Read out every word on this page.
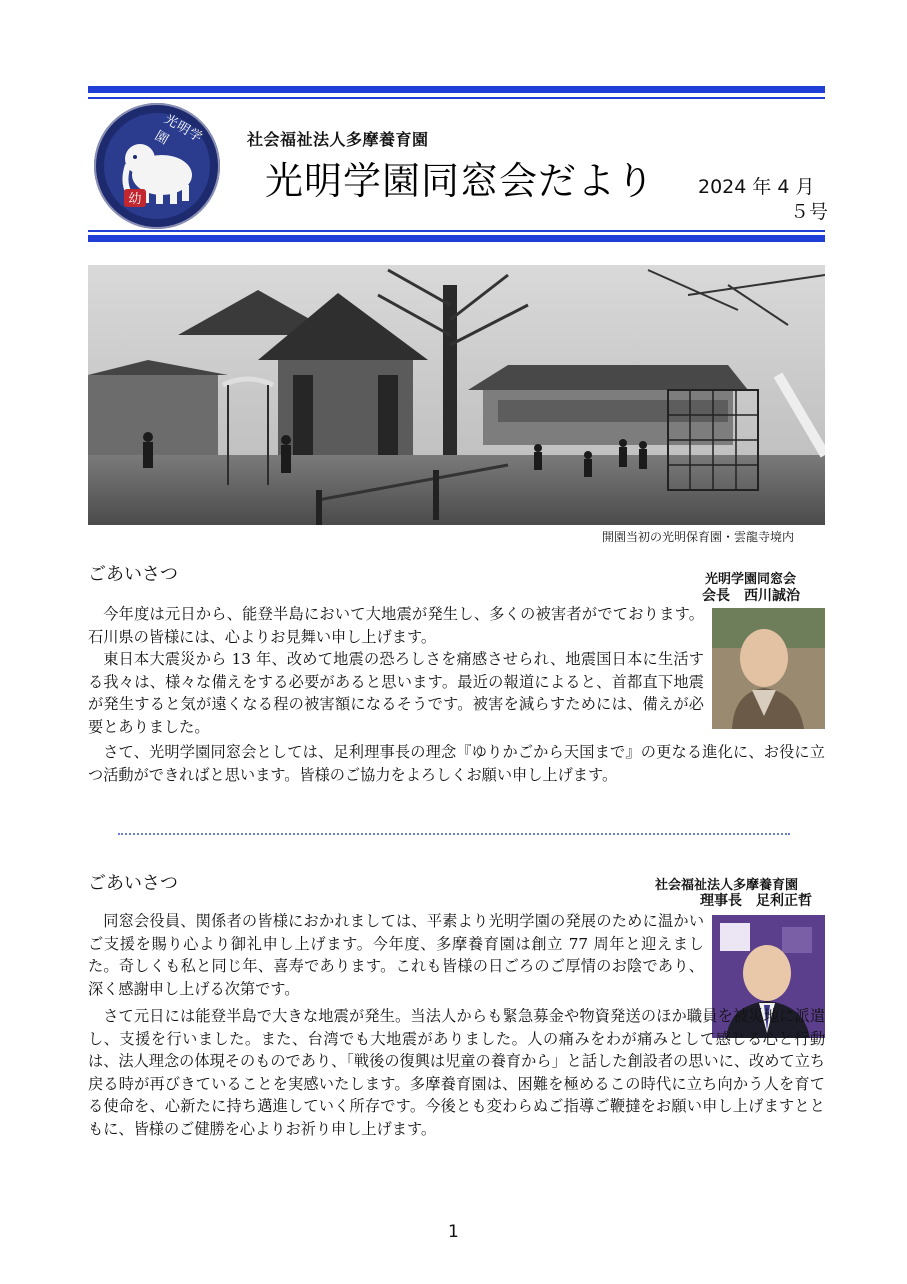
幼
光明学園	社会福祉法人多摩養育園
光明学園同窓会だより 2024 年 4 月
５号
開園当初の光明保育園・雲龍寺境内
ごあいさつ	光明学園同窓会
会長　西川誠治

今年度は元日から、能登半島において大地震が発生し、多くの被害者がでております。石川県の皆様には、心よりお見舞い申し上げます。

東日本大震災から 13 年、改めて地震の恐ろしさを痛感させられ、地震国日本に生活する我々は、様々な備えをする必要があると思います。最近の報道によると、首都直下地震が発生すると気が遠くなる程の被害額になるそうです。被害を減らすためには、備えが必要とありました。

さて、光明学園同窓会としては、足利理事長の理念『ゆりかごから天国まで』の更なる進化に、お役に立つ活動ができればと思います。皆様のご協力をよろしくお願い申し上げます。

ごあいさつ	社会福祉法人多摩養育園
理事長　足利正哲

同窓会役員、関係者の皆様におかれましては、平素より光明学園の発展のために温かいご支援を賜り心より御礼申し上げます。今年度、多摩養育園は創立 77 周年と迎えました。奇しくも私と同じ年、喜寿であります。これも皆様の日ごろのご厚情のお陰であり、深く感謝申し上げる次第です。

さて元日には能登半島で大きな地震が発生。当法人からも緊急募金や物資発送のほか職員を被災地に派遣し、支援を行いました。また、台湾でも大地震がありました。人の痛みをわが痛みとして感じる心と行動は、法人理念の体現そのものであり、「戦後の復興は児童の養育から」と話した創設者の思いに、改めて立ち戻る時が再びきていることを実感いたします。多摩養育園は、困難を極めるこの時代に立ち向かう人を育てる使命を、心新たに持ち邁進していく所存です。今後とも変わらぬご指導ご鞭撻をお願い申し上げますとともに、皆様のご健勝を心よりお祈り申し上げます。

1
